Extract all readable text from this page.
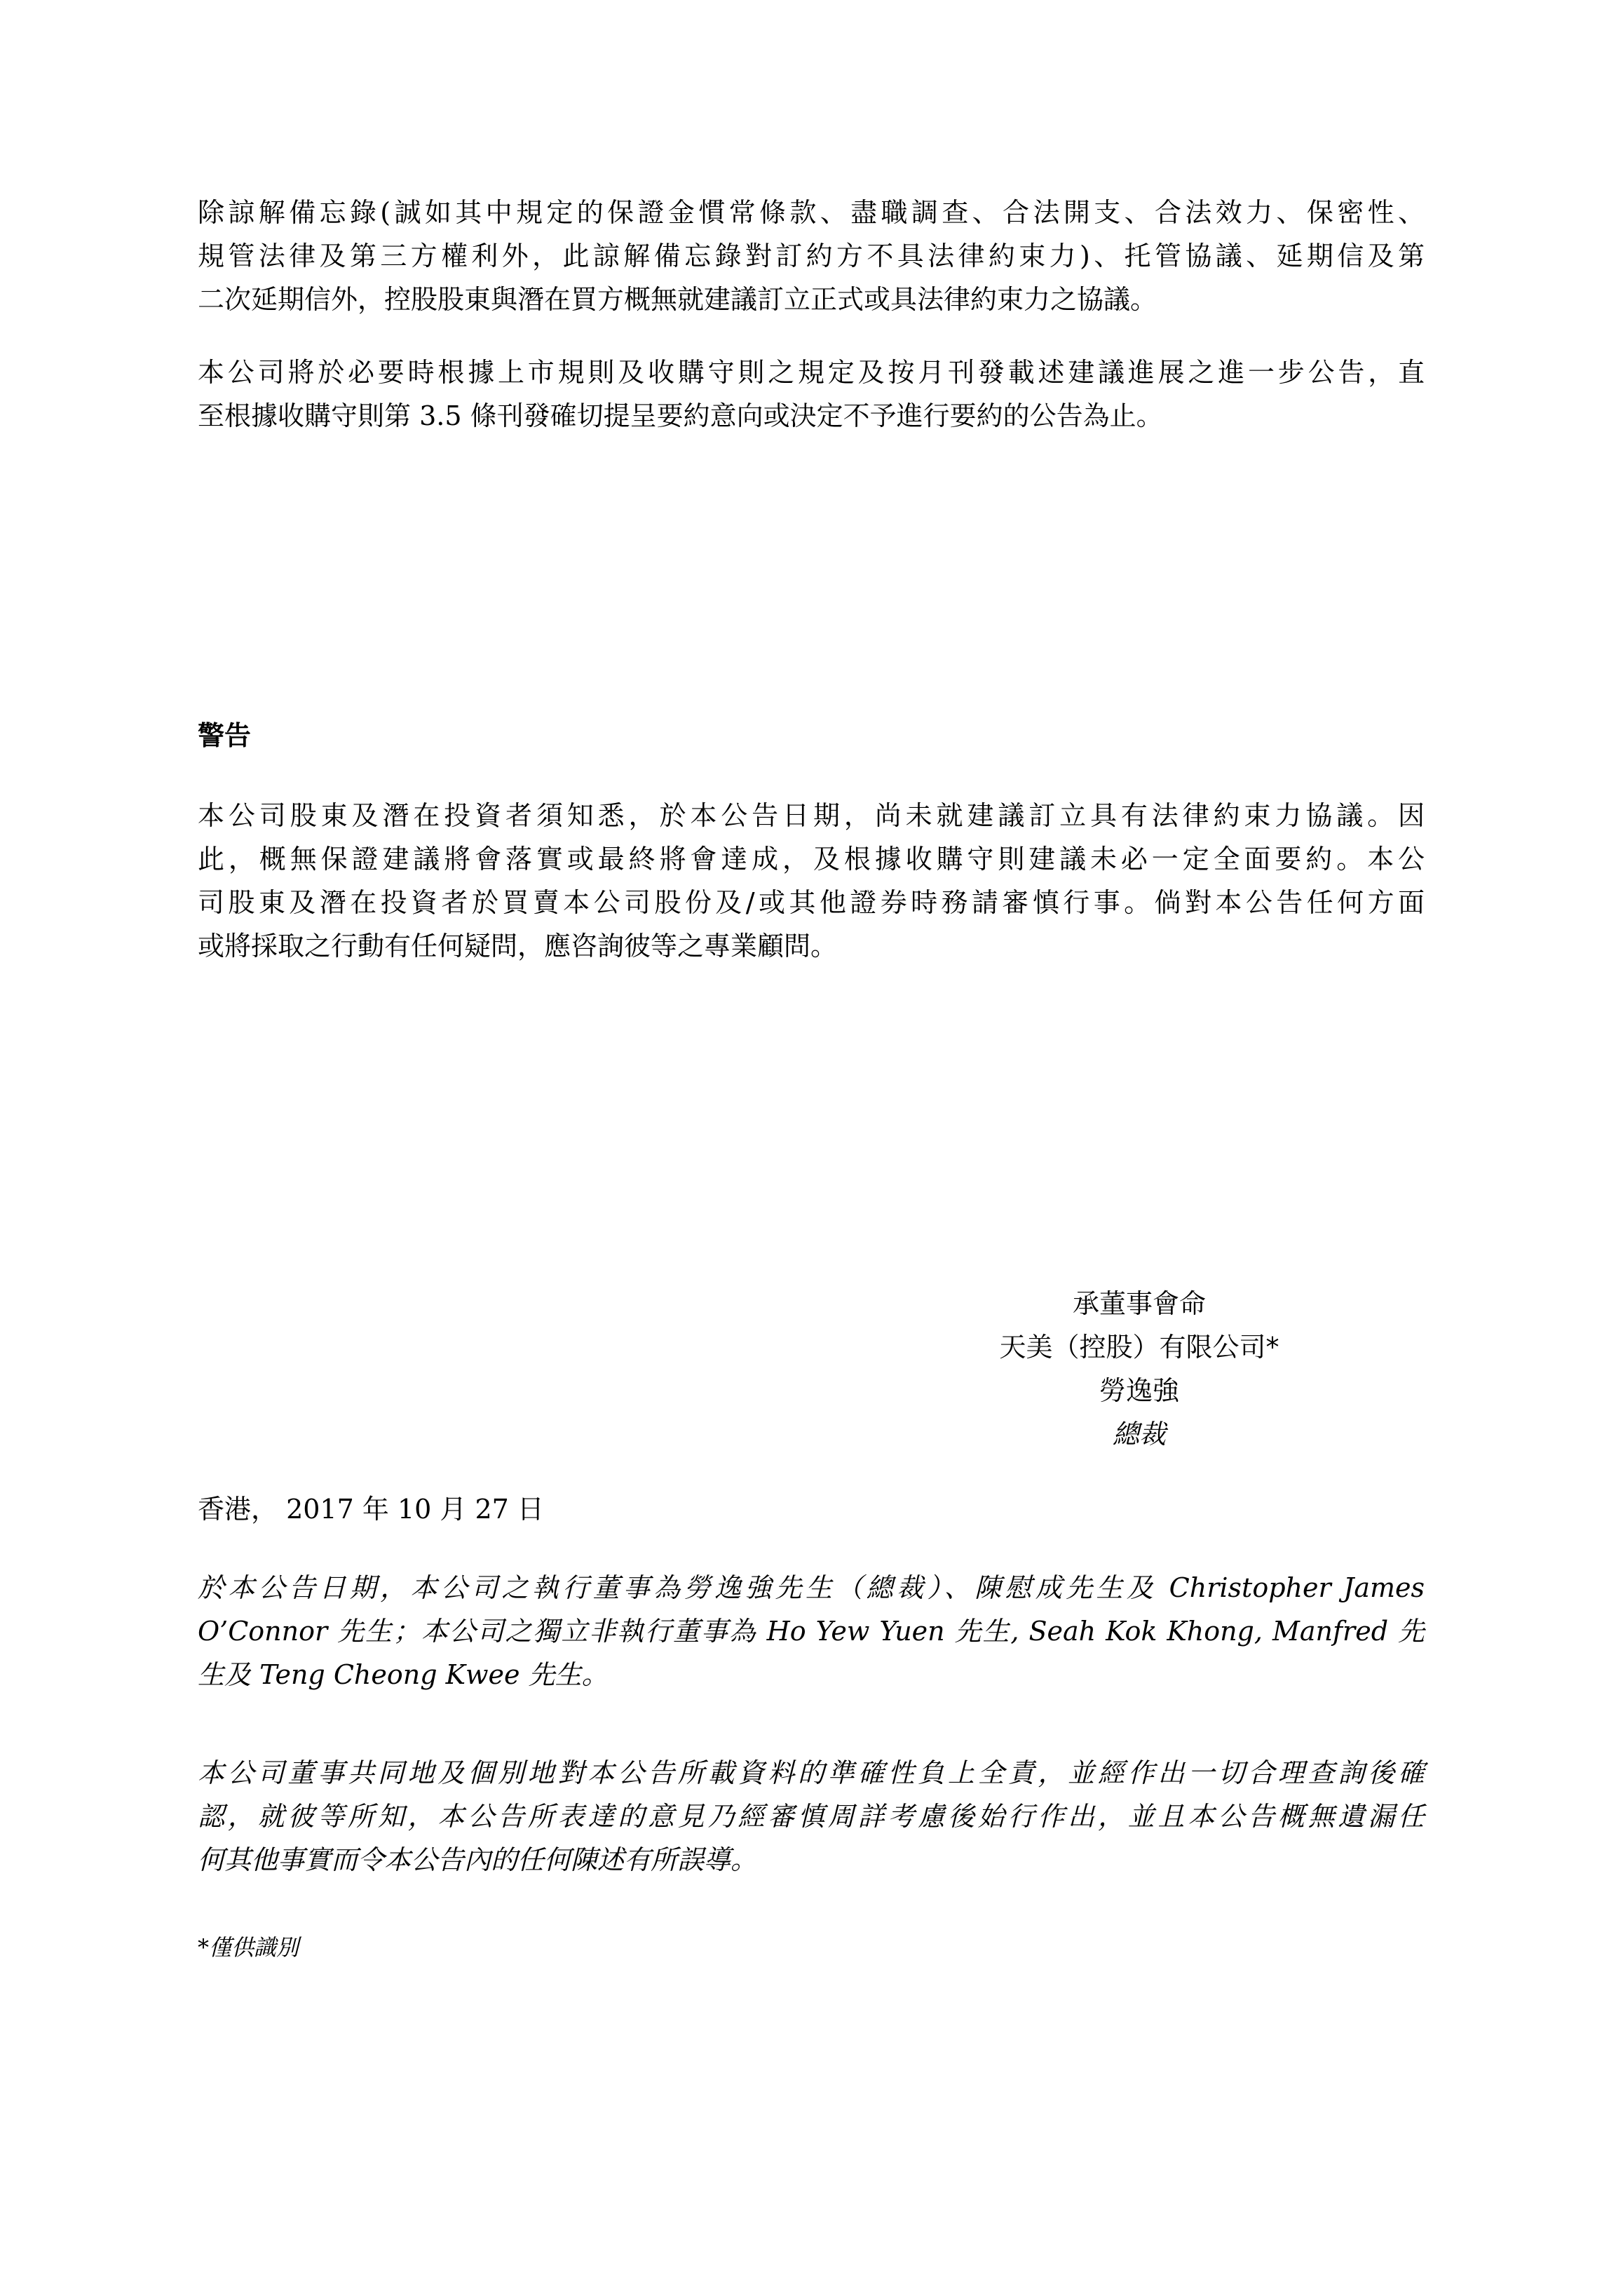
除諒解備忘錄(誠如其中規定的保證金慣常條款、盡職調查、合法開支、合法效力、保密性、
規管法律及第三方權利外，此諒解備忘錄對訂約方不具法律約束力)、托管協議、延期信及第
二次延期信外，控股股東與潛在買方概無就建議訂立正式或具法律約束力之協議。

本公司將於必要時根據上市規則及收購守則之規定及按月刊發載述建議進展之進一步公告，直
至根據收購守則第 3.5 條刊發確切提呈要約意向或決定不予進行要約的公告為止。

警告

本公司股東及潛在投資者須知悉，於本公告日期，尚未就建議訂立具有法律約束力協議。因
此，概無保證建議將會落實或最終將會達成，及根據收購守則建議未必一定全面要約。本公
司股東及潛在投資者於買賣本公司股份及/或其他證券時務請審慎行事。倘對本公告任何方面
或將採取之行動有任何疑問，應咨詢彼等之專業顧問。

承董事會命
天美（控股）有限公司*
勞逸強
總裁
香港， 2017 年 10 月 27 日

於本公告日期，本公司之執行董事為勞逸強先生（總裁）、陳慰成先生及 Christopher James
O’Connor 先生；本公司之獨立非執行董事為 Ho Yew Yuen 先生, Seah Kok Khong, Manfred 先
生及 Teng Cheong Kwee 先生。

本公司董事共同地及個別地對本公告所載資料的準確性負上全責，並經作出一切合理查詢後確
認，就彼等所知，本公告所表達的意見乃經審慎周詳考慮後始行作出，並且本公告概無遺漏任
何其他事實而令本公告內的任何陳述有所誤導。

*僅供識別
